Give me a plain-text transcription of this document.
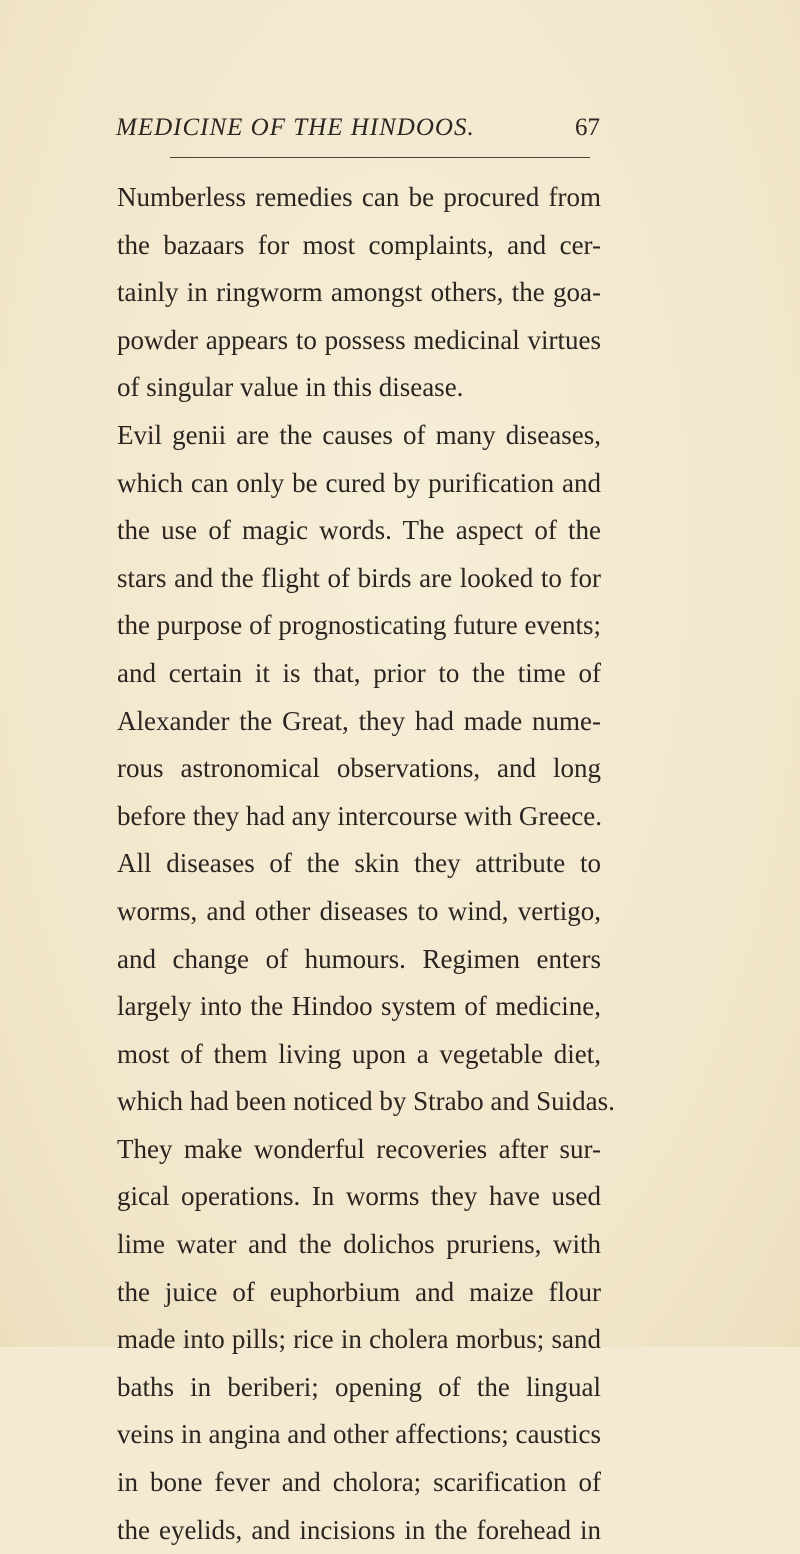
MEDICINE OF THE HINDOOS.	67
Numberless remedies can be procured from
the bazaars for most complaints, and cer-
tainly in ringworm amongst others, the goa-
powder appears to possess medicinal virtues
of singular value in this disease.
Evil genii are the causes of many diseases,
which can only be cured by purification and
the use of magic words. The aspect of the
stars and the flight of birds are looked to for
the purpose of prognosticating future events;
and certain it is that, prior to the time of
Alexander the Great, they had made nume-
rous astronomical observations, and long
before they had any intercourse with Greece.
All diseases of the skin they attribute to
worms, and other diseases to wind, vertigo,
and change of humours. Regimen enters
largely into the Hindoo system of medicine,
most of them living upon a vegetable diet,
which had been noticed by Strabo and Suidas.
They make wonderful recoveries after sur-
gical operations. In worms they have used
lime water and the dolichos pruriens, with
the juice of euphorbium and maize flour
made into pills; rice in cholera morbus; sand
baths in beriberi; opening of the lingual
veins in angina and other affections; caustics
in bone fever and cholora; scarification of
the eyelids, and incisions in the forehead in
